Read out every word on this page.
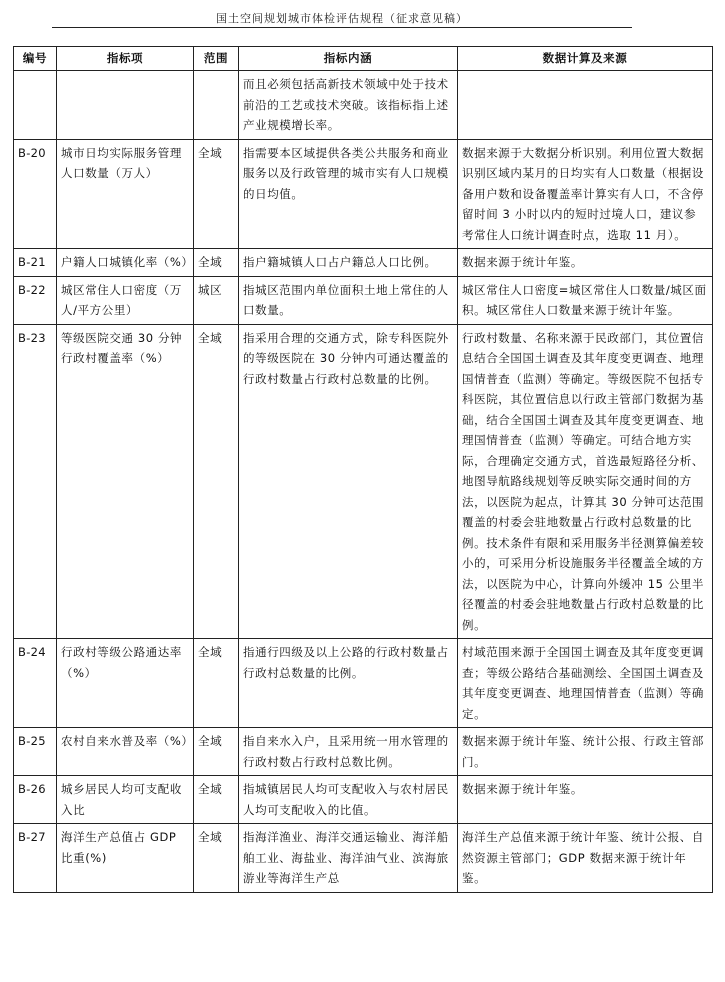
国土空间规划城市体检评估规程（征求意见稿）
编号	指标项	范围	指标内涵	数据计算及来源
			而且必须包括高新技术领域中处于技术前沿的工艺或技术突破。该指标指上述产业规模增长率。	
B-20	城市日均实际服务管理人口数量（万人）	全域	指需要本区域提供各类公共服务和商业服务以及行政管理的城市实有人口规模的日均值。	数据来源于大数据分析识别。利用位置大数据识别区域内某月的日均实有人口数量（根据设备用户数和设备覆盖率计算实有人口，不含停留时间 3 小时以内的短时过境人口，建议参考常住人口统计调查时点，选取 11 月）。
B-21	户籍人口城镇化率（%）	全域	指户籍城镇人口占户籍总人口比例。	数据来源于统计年鉴。
B-22	城区常住人口密度（万人/平方公里）	城区	指城区范围内单位面积土地上常住的人口数量。	城区常住人口密度=城区常住人口数量/城区面积。城区常住人口数量来源于统计年鉴。
B-23	等级医院交通 30 分钟行政村覆盖率（%）	全域	指采用合理的交通方式，除专科医院外的等级医院在 30 分钟内可通达覆盖的行政村数量占行政村总数量的比例。	行政村数量、名称来源于民政部门，其位置信息结合全国国土调查及其年度变更调查、地理国情普查（监测）等确定。等级医院不包括专科医院，其位置信息以行政主管部门数据为基础，结合全国国土调查及其年度变更调查、地理国情普查（监测）等确定。可结合地方实际，合理确定交通方式，首选最短路径分析、地图导航路线规划等反映实际交通时间的方法，以医院为起点，计算其 30 分钟可达范围覆盖的村委会驻地数量占行政村总数量的比例。技术条件有限和采用服务半径测算偏差较小的，可采用分析设施服务半径覆盖全域的方法，以医院为中心，计算向外缓冲 15 公里半径覆盖的村委会驻地数量占行政村总数量的比例。
B-24	行政村等级公路通达率（%）	全域	指通行四级及以上公路的行政村数量占行政村总数量的比例。	村域范围来源于全国国土调查及其年度变更调查；等级公路结合基础测绘、全国国土调查及其年度变更调查、地理国情普查（监测）等确定。
B-25	农村自来水普及率（%）	全域	指自来水入户，且采用统一用水管理的行政村数占行政村总数比例。	数据来源于统计年鉴、统计公报、行政主管部门。
B-26	城乡居民人均可支配收入比	全域	指城镇居民人均可支配收入与农村居民人均可支配收入的比值。	数据来源于统计年鉴。
B-27	海洋生产总值占 GDP 比重(%)	全域	指海洋渔业、海洋交通运输业、海洋船舶工业、海盐业、海洋油气业、滨海旅游业等海洋生产总	海洋生产总值来源于统计年鉴、统计公报、自然资源主管部门；GDP 数据来源于统计年鉴。
